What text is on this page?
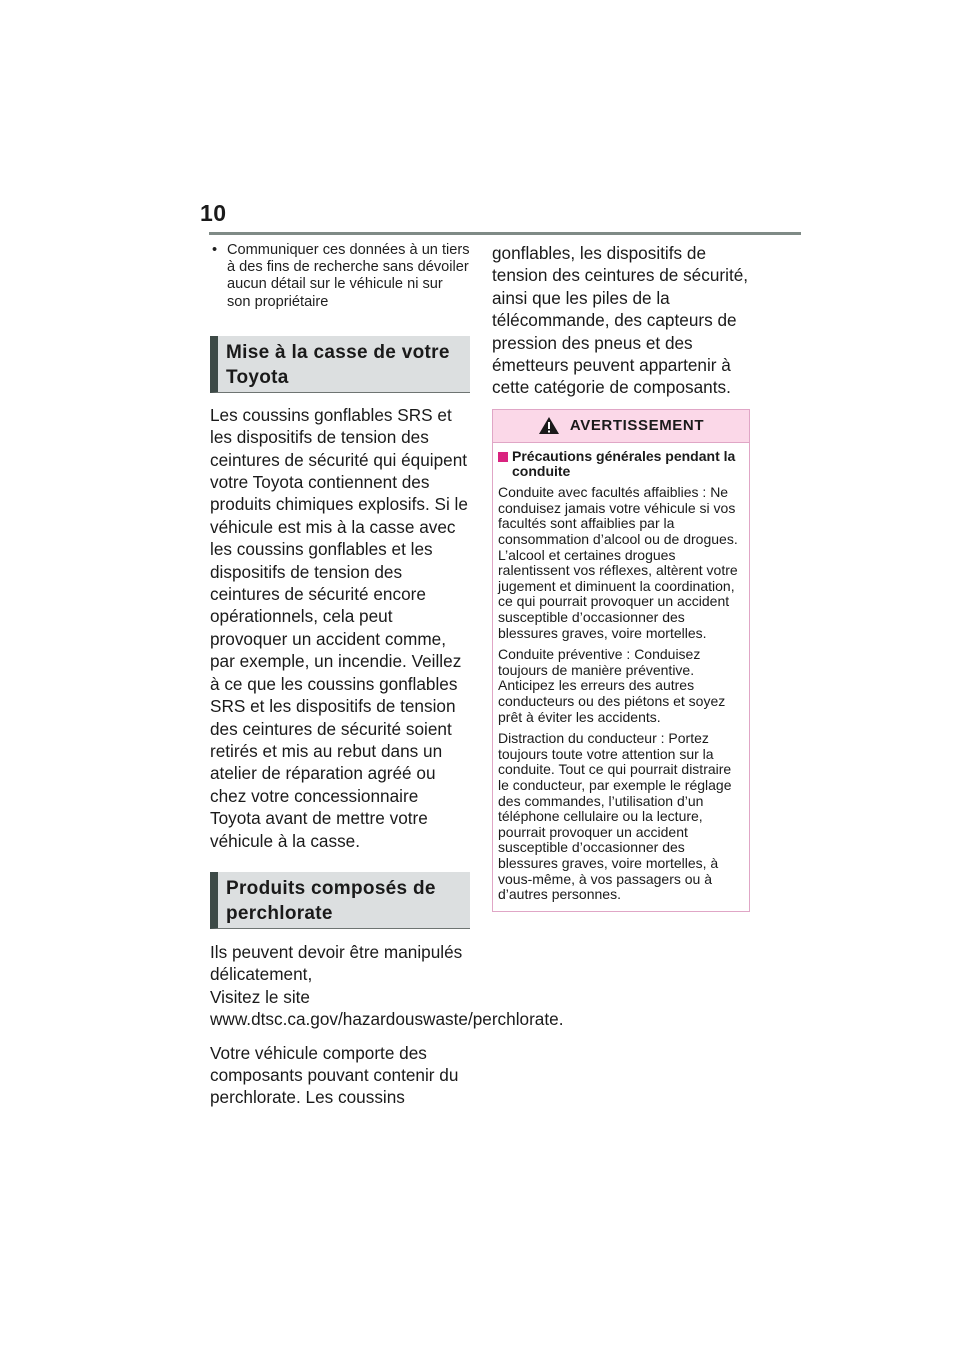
10
• Communiquer ces données à un tiers à des fins de recherche sans dévoiler aucun détail sur le véhicule ni sur son propriétaire
Mise à la casse de votre Toyota

Les coussins gonflables SRS et les dispositifs de tension des ceintures de sécurité qui équipent votre Toyota contiennent des produits chimiques explosifs. Si le véhicule est mis à la casse avec les coussins gonflables et les dispositifs de tension des ceintures de sécurité encore opérationnels, cela peut provoquer un accident comme, par exemple, un incendie. Veillez à ce que les coussins gonflables SRS et les dispositifs de tension des ceintures de sécurité soient retirés et mis au rebut dans un atelier de réparation agréé ou chez votre concessionnaire Toyota avant de mettre votre véhicule à la casse.

Produits composés de perchlorate

Ils peuvent devoir être manipulés délicatement,
Visitez le site www.dtsc.ca.gov/hazardouswaste/perchlorate.

Votre véhicule comporte des composants pouvant contenir du perchlorate. Les coussins

gonflables, les dispositifs de tension des ceintures de sécurité, ainsi que les piles de la télécommande, des capteurs de pression des pneus et des émetteurs peuvent appartenir à cette catégorie de composants.

AVERTISSEMENT
Précautions générales pendant la conduite

Conduite avec facultés affaiblies : Ne conduisez jamais votre véhicule si vos facultés sont affaiblies par la consommation d’alcool ou de drogues. L’alcool et certaines drogues ralentissent vos réflexes, altèrent votre jugement et diminuent la coordination, ce qui pourrait provoquer un accident susceptible d’occasionner des blessures graves, voire mortelles.

Conduite préventive : Conduisez toujours de manière préventive. Anticipez les erreurs des autres conducteurs ou des piétons et soyez prêt à éviter les accidents.

Distraction du conducteur : Portez toujours toute votre attention sur la conduite. Tout ce qui pourrait distraire le conducteur, par exemple le réglage des commandes, l’utilisation d’un téléphone cellulaire ou la lecture, pourrait provoquer un accident susceptible d’occasionner des blessures graves, voire mortelles, à vous-même, à vos passagers ou à d’autres personnes.
